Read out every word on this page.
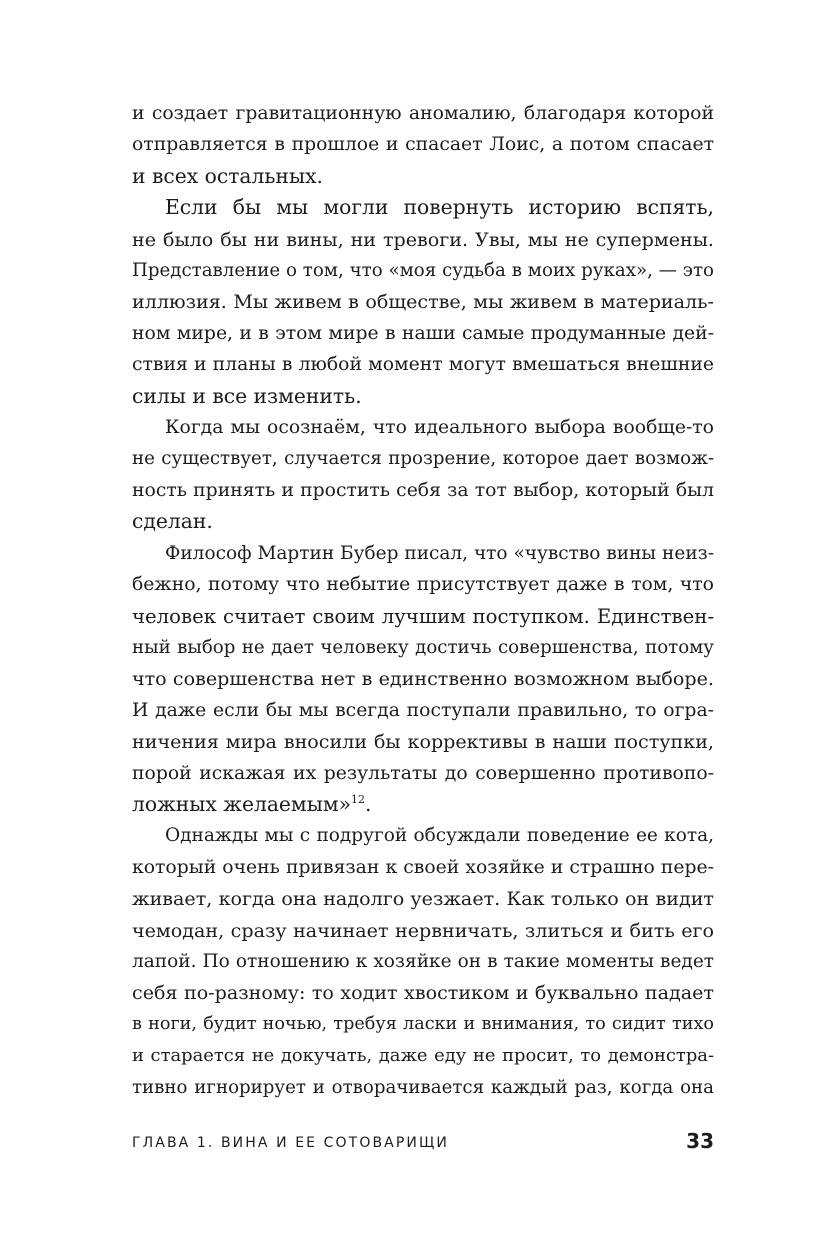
и создает гравитационную аномалию, благодаря которой

отправляется в прошлое и спасает Лоис, а потом спасает

и всех остальных.

Если бы мы могли повернуть историю вспять,

не было бы ни вины, ни тревоги. Увы, мы не супермены.

Представление о том, что «моя судьба в моих руках», — это

иллюзия. Мы живем в обществе, мы живем в материаль-

ном мире, и в этом мире в наши самые продуманные дей-

ствия и планы в любой момент могут вмешаться внешние

силы и все изменить.

Когда мы осознаём, что идеального выбора вообще-то

не существует, случается прозрение, которое дает возмож-

ность принять и простить себя за тот выбор, который был

сделан.

Философ Мартин Бубер писал, что «чувство вины неиз-

бежно, потому что небытие присутствует даже в том, что

человек считает своим лучшим поступком. Единствен-

ный выбор не дает человеку достичь совершенства, потому

что совершенства нет в единственно возможном выборе.

И даже если бы мы всегда поступали правильно, то огра-

ничения мира вносили бы коррективы в наши поступки,

порой искажая их результаты до совершенно противопо-

ложных желаемым»$^{12}$.

Однажды мы с подругой обсуждали поведение ее кота,

который очень привязан к своей хозяйке и страшно пере-

живает, когда она надолго уезжает. Как только он видит

чемодан, сразу начинает нервничать, злиться и бить его

лапой. По отношению к хозяйке он в такие моменты ведет

себя по-разному: то ходит хвостиком и буквально падает

в ноги, будит ночью, требуя ласки и внимания, то сидит тихо

и старается не докучать, даже еду не просит, то демонстра-

тивно игнорирует и отворачивается каждый раз, когда она

ГЛАВА 1. ВИНА И ЕЕ СОТОВАРИЩИ	33
